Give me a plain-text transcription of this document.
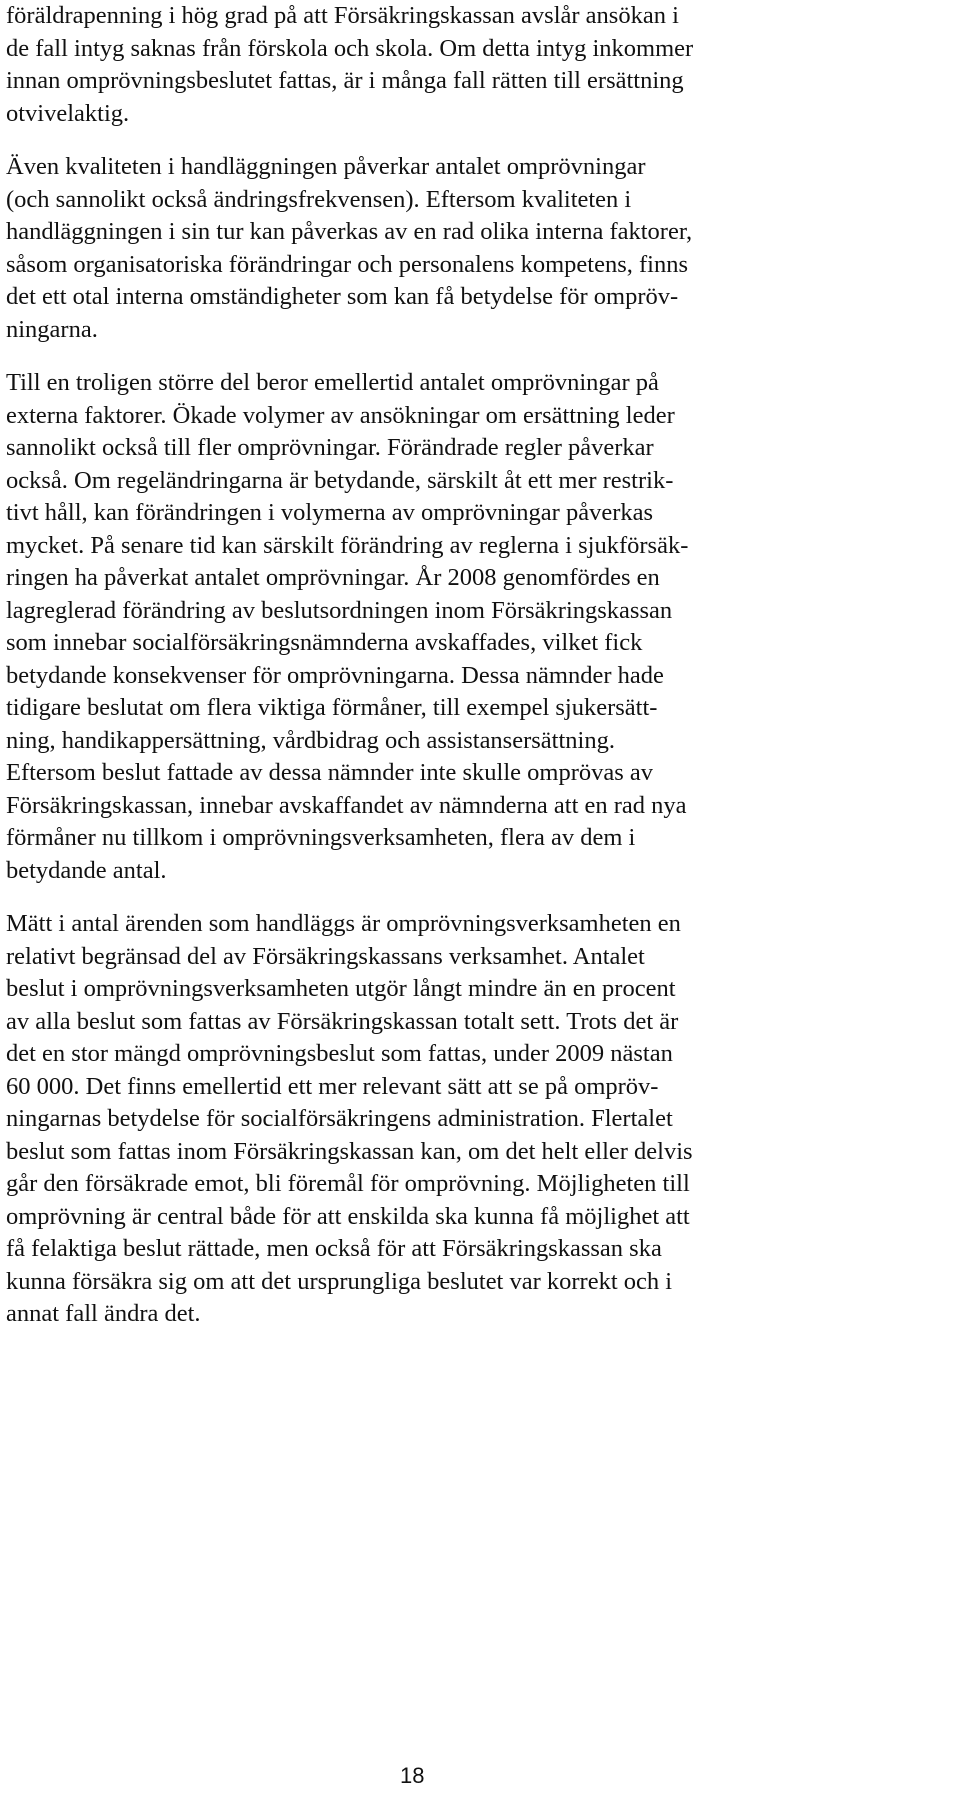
föräldrapenning i hög grad på att Försäkringskassan avslår ansökan i
de fall intyg saknas från förskola och skola. Om detta intyg inkommer
innan omprövningsbeslutet fattas, är i många fall rätten till ersättning
otvivelaktig.
Även kvaliteten i handläggningen påverkar antalet omprövningar
(och sannolikt också ändringsfrekvensen). Eftersom kvaliteten i
handläggningen i sin tur kan påverkas av en rad olika interna faktorer,
såsom organisatoriska förändringar och personalens kompetens, finns
det ett otal interna omständigheter som kan få betydelse för ompröv-
ningarna.
Till en troligen större del beror emellertid antalet omprövningar på
externa faktorer. Ökade volymer av ansökningar om ersättning leder
sannolikt också till fler omprövningar. Förändrade regler påverkar
också. Om regeländringarna är betydande, särskilt åt ett mer restrik-
tivt håll, kan förändringen i volymerna av omprövningar påverkas
mycket. På senare tid kan särskilt förändring av reglerna i sjukförsäk-
ringen ha påverkat antalet omprövningar. År 2008 genomfördes en
lagreglerad förändring av beslutsordningen inom Försäkringskassan
som innebar socialförsäkringsnämnderna avskaffades, vilket fick
betydande konsekvenser för omprövningarna. Dessa nämnder hade
tidigare beslutat om flera viktiga förmåner, till exempel sjukersätt-
ning, handikappersättning, vårdbidrag och assistansersättning.
Eftersom beslut fattade av dessa nämnder inte skulle omprövas av
Försäkringskassan, innebar avskaffandet av nämnderna att en rad nya
förmåner nu tillkom i omprövningsverksamheten, flera av dem i
betydande antal.
Mätt i antal ärenden som handläggs är omprövningsverksamheten en
relativt begränsad del av Försäkringskassans verksamhet. Antalet
beslut i omprövningsverksamheten utgör långt mindre än en procent
av alla beslut som fattas av Försäkringskassan totalt sett. Trots det är
det en stor mängd omprövningsbeslut som fattas, under 2009 nästan
60 000. Det finns emellertid ett mer relevant sätt att se på ompröv-
ningarnas betydelse för socialförsäkringens administration. Flertalet
beslut som fattas inom Försäkringskassan kan, om det helt eller delvis
går den försäkrade emot, bli föremål för omprövning. Möjligheten till
omprövning är central både för att enskilda ska kunna få möjlighet att
få felaktiga beslut rättade, men också för att Försäkringskassan ska
kunna försäkra sig om att det ursprungliga beslutet var korrekt och i
annat fall ändra det.
18
